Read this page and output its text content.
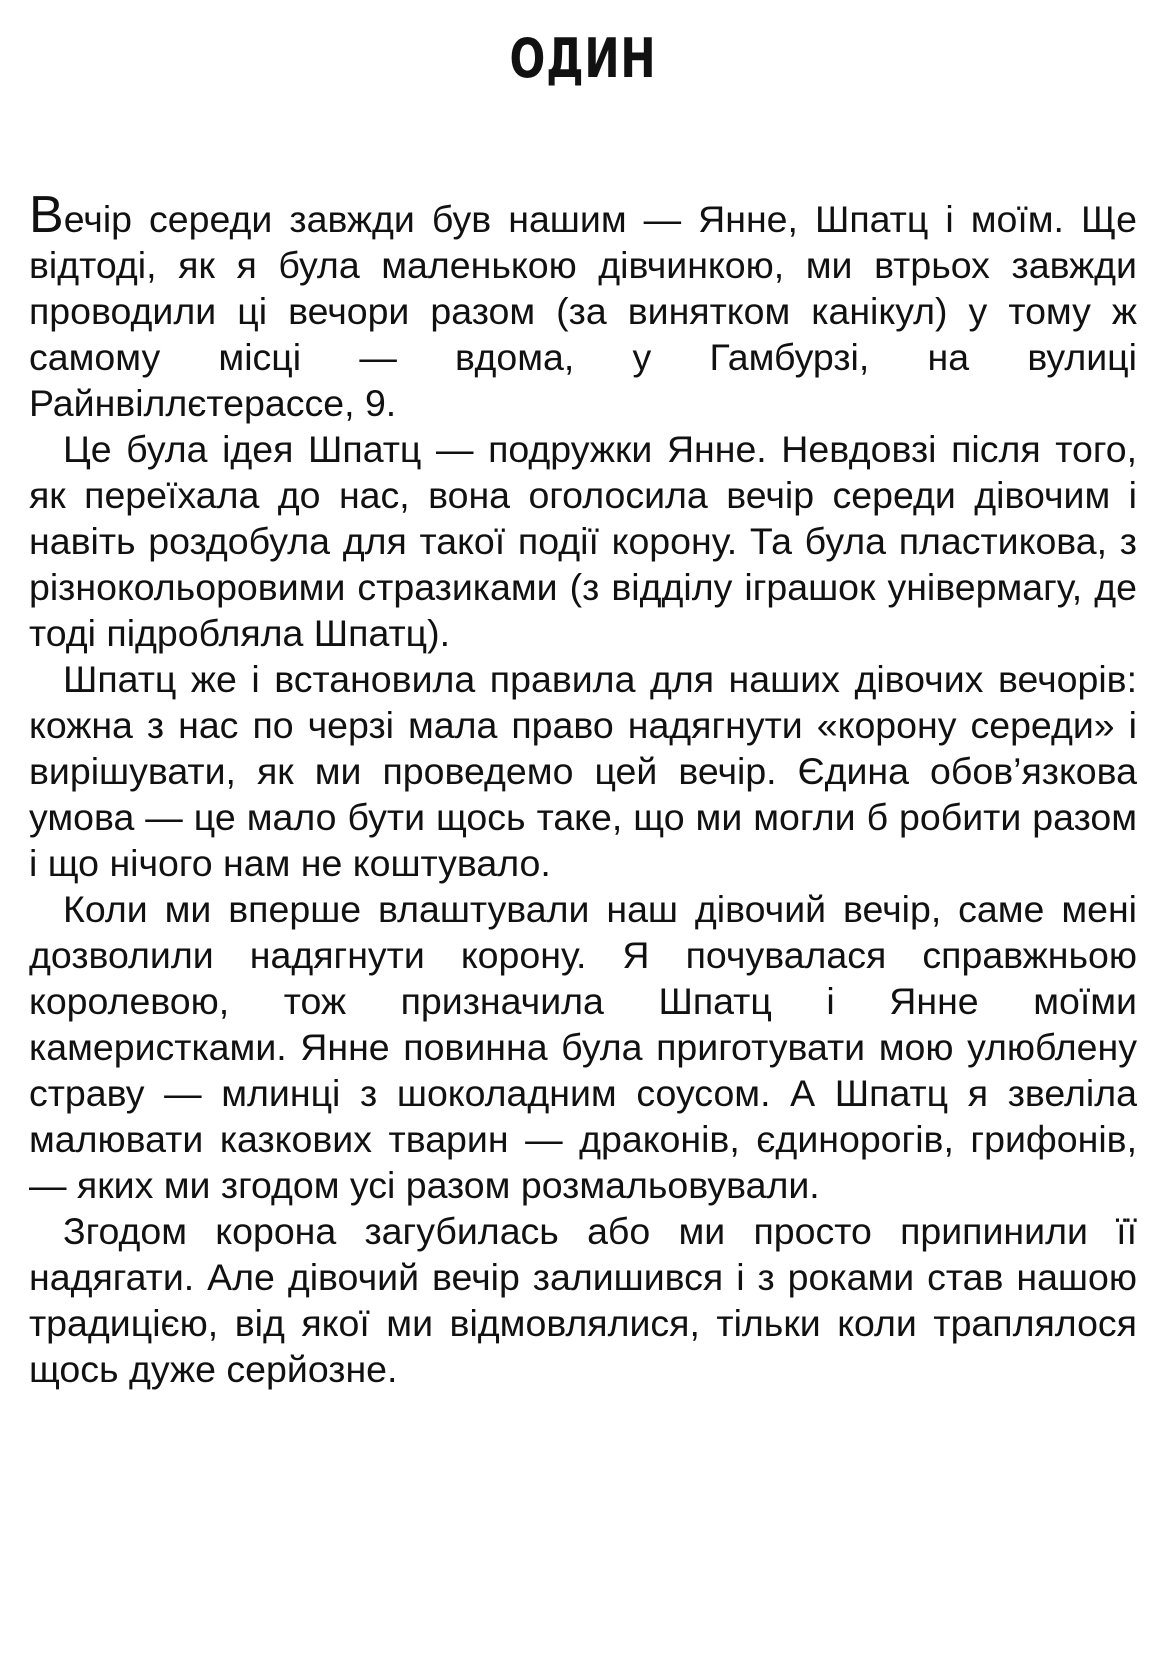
ОДИН

Вечір середи завжди був нашим — Янне, Шпатц і моїм. Ще відтоді, як я була маленькою дівчинкою, ми втрьох завжди проводили ці вечори разом (за винятком канікул) у тому ж самому місці — вдома, у Гамбурзі, на вулиці Райнвіллєтерассе, 9.

Це була ідея Шпатц — подружки Янне. Невдовзі після того, як переїхала до нас, вона оголосила вечір середи дівочим і навіть роздобула для такої події корону. Та була пластикова, з різнокольоровими стразиками (з відділу іграшок універмагу, де тоді підробляла Шпатц).

Шпатц же і встановила правила для наших дівочих вечорів: кожна з нас по черзі мала право надягнути «корону середи» і вирішувати, як ми проведемо цей вечір. Єдина обов’язкова умова — це мало бути щось таке, що ми могли б робити разом і що нічого нам не коштувало.

Коли ми вперше влаштували наш дівочий вечір, саме мені дозволили надягнути корону. Я почувалася справжньою королевою, тож призначила Шпатц і Янне моїми камеристками. Янне повинна була приготувати мою улюблену страву — млинці з шоколадним соусом. А Шпатц я звеліла малювати казкових тварин — драконів, єдинорогів, грифонів, — яких ми згодом усі разом розмальовували.

Згодом корона загубилась або ми просто припинили її надягати. Але дівочий вечір залишився і з роками став нашою традицією, від якої ми відмовлялися, тільки коли траплялося щось дуже серйозне.
